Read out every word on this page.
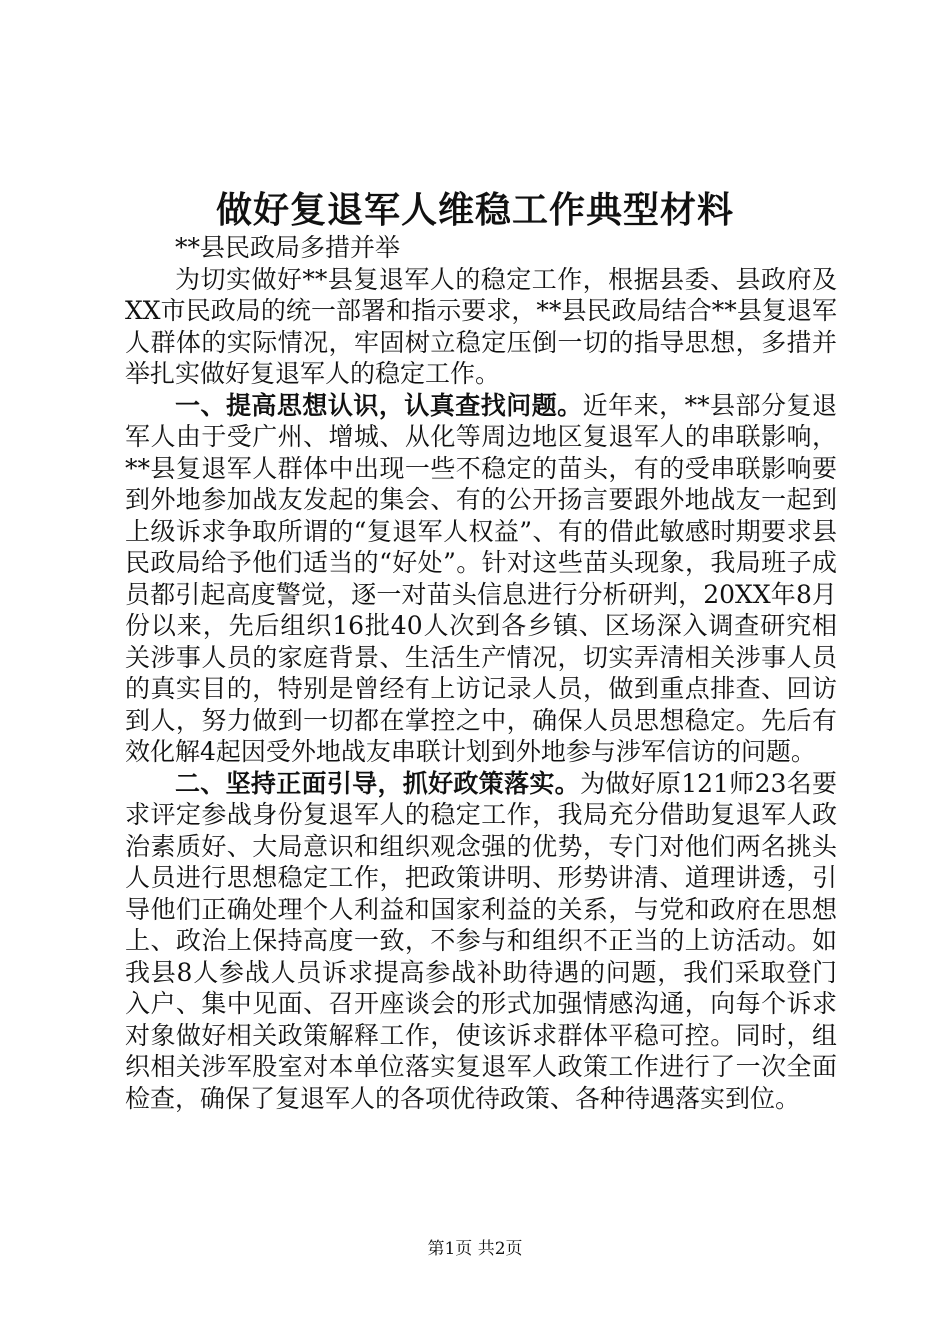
做好复退军人维稳工作典型材料

**县民政局多措并举

为切实做好**县复退军人的稳定工作，根据县委、县政府及XX市民政局的统一部署和指示要求，**县民政局结合**县复退军人群体的实际情况，牢固树立稳定压倒一切的指导思想，多措并举扎实做好复退军人的稳定工作。

一、提高思想认识，认真查找问题。近年来，**县部分复退军人由于受广州、增城、从化等周边地区复退军人的串联影响，**县复退军人群体中出现一些不稳定的苗头，有的受串联影响要到外地参加战友发起的集会、有的公开扬言要跟外地战友一起到上级诉求争取所谓的“复退军人权益”、有的借此敏感时期要求县民政局给予他们适当的“好处”。针对这些苗头现象，我局班子成员都引起高度警觉，逐一对苗头信息进行分析研判，20XX年8月份以来，先后组织16批40人次到各乡镇、区场深入调查研究相关涉事人员的家庭背景、生活生产情况，切实弄清相关涉事人员的真实目的，特别是曾经有上访记录人员，做到重点排查、回访到人，努力做到一切都在掌控之中，确保人员思想稳定。先后有效化解4起因受外地战友串联计划到外地参与涉军信访的问题。

二、坚持正面引导，抓好政策落实。为做好原121师23名要求评定参战身份复退军人的稳定工作，我局充分借助复退军人政治素质好、大局意识和组织观念强的优势，专门对他们两名挑头人员进行思想稳定工作，把政策讲明、形势讲清、道理讲透，引导他们正确处理个人利益和国家利益的关系，与党和政府在思想上、政治上保持高度一致，不参与和组织不正当的上访活动。如我县8人参战人员诉求提高参战补助待遇的问题，我们采取登门入户、集中见面、召开座谈会的形式加强情感沟通，向每个诉求对象做好相关政策解释工作，使该诉求群体平稳可控。同时，组织相关涉军股室对本单位落实复退军人政策工作进行了一次全面检查，确保了复退军人的各项优待政策、各种待遇落实到位。

第1页 共2页
